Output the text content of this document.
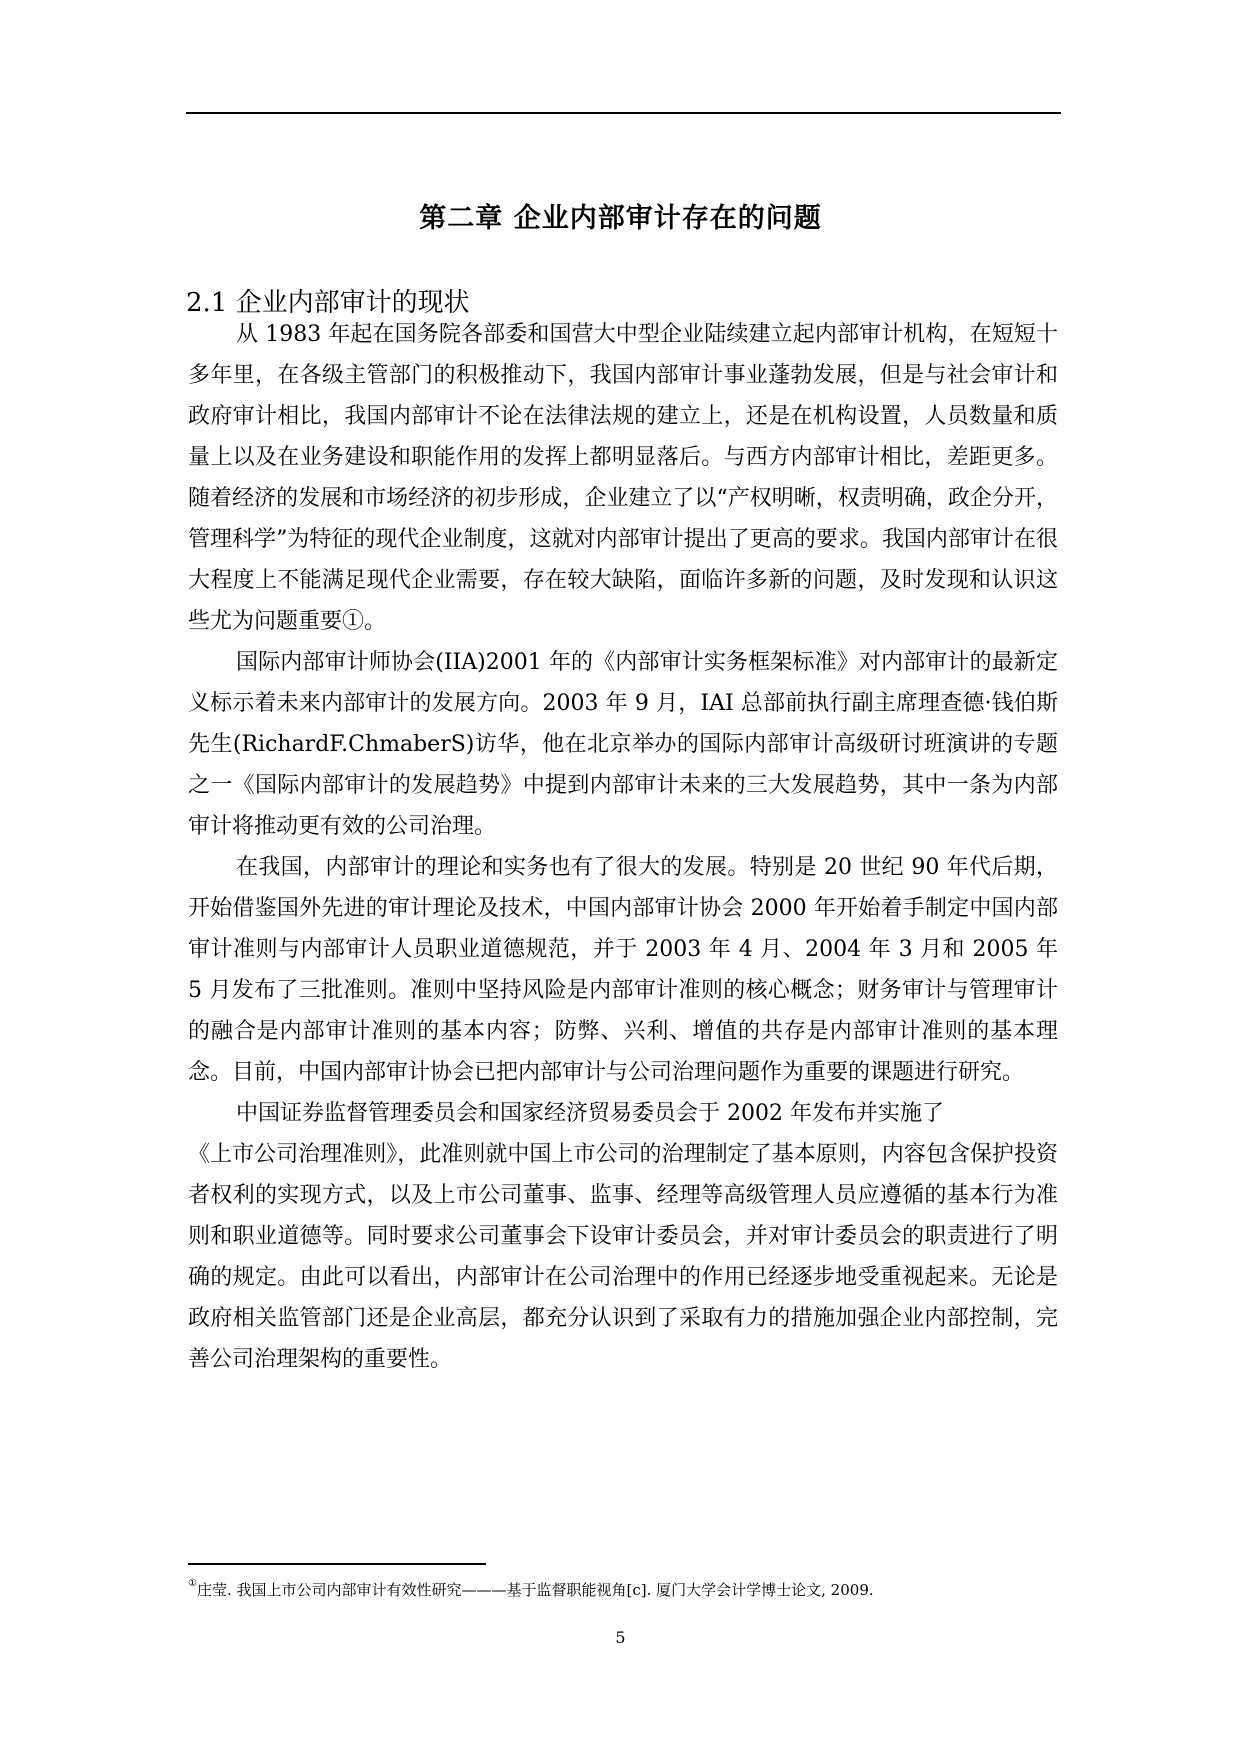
第二章 企业内部审计存在的问题
2.1 企业内部审计的现状

从 1983 年起在国务院各部委和国营大中型企业陆续建立起内部审计机构，在短短十多年里，在各级主管部门的积极推动下，我国内部审计事业蓬勃发展，但是与社会审计和政府审计相比，我国内部审计不论在法律法规的建立上，还是在机构设置，人员数量和质量上以及在业务建设和职能作用的发挥上都明显落后。与西方内部审计相比，差距更多。随着经济的发展和市场经济的初步形成，企业建立了以“产权明晰，权责明确，政企分开，管理科学”为特征的现代企业制度，这就对内部审计提出了更高的要求。我国内部审计在很大程度上不能满足现代企业需要，存在较大缺陷，面临许多新的问题，及时发现和认识这些尤为问题重要①。

国际内部审计师协会(IIA)2001 年的《内部审计实务框架标准》对内部审计的最新定义标示着未来内部审计的发展方向。2003 年 9 月，IAI 总部前执行副主席理查德·钱伯斯先生(RichardF.ChmaberS)访华，他在北京举办的国际内部审计高级研讨班演讲的专题之一《国际内部审计的发展趋势》中提到内部审计未来的三大发展趋势，其中一条为内部审计将推动更有效的公司治理。

在我国，内部审计的理论和实务也有了很大的发展。特别是 20 世纪 90 年代后期，开始借鉴国外先进的审计理论及技术，中国内部审计协会 2000 年开始着手制定中国内部审计准则与内部审计人员职业道德规范，并于 2003 年 4 月、2004 年 3 月和 2005 年 5 月发布了三批准则。准则中坚持风险是内部审计准则的核心概念；财务审计与管理审计的融合是内部审计准则的基本内容；防弊、兴利、增值的共存是内部审计准则的基本理念。目前，中国内部审计协会已把内部审计与公司治理问题作为重要的课题进行研究。

中国证券监督管理委员会和国家经济贸易委员会于 2002 年发布并实施了

《上市公司治理准则》，此准则就中国上市公司的治理制定了基本原则，内容包含保护投资者权利的实现方式，以及上市公司董事、监事、经理等高级管理人员应遵循的基本行为准则和职业道德等。同时要求公司董事会下设审计委员会，并对审计委员会的职责进行了明确的规定。由此可以看出，内部审计在公司治理中的作用已经逐步地受重视起来。无论是政府相关监管部门还是企业高层，都充分认识到了采取有力的措施加强企业内部控制，完善公司治理架构的重要性。

①庄莹. 我国上市公司内部审计有效性研究———基于监督职能视角[c]. 厦门大学会计学博士论文, 2009.
5
